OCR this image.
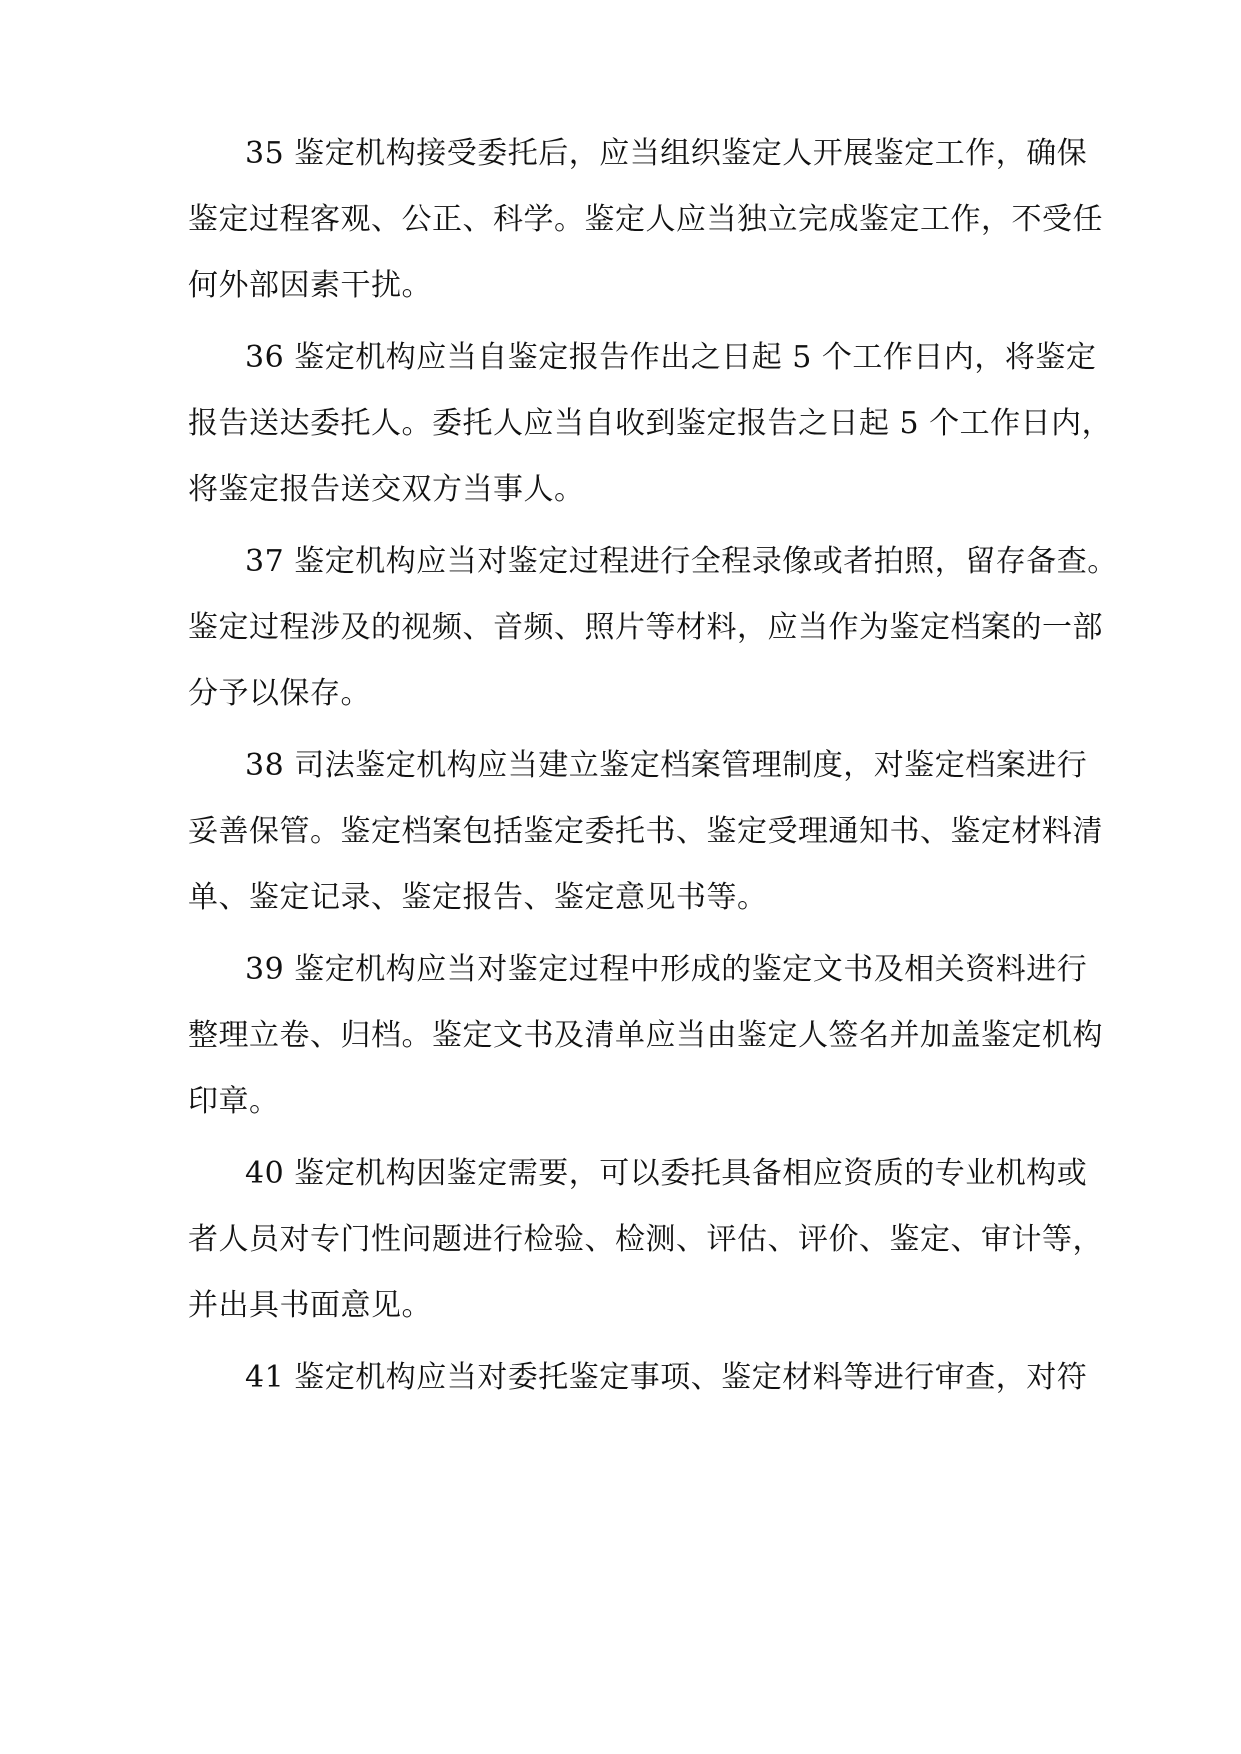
35 鉴定机构接受委托后，应当组织鉴定人开展鉴定工作，确保
鉴定过程客观、公正、科学。鉴定人应当独立完成鉴定工作，不受任
何外部因素干扰。
36 鉴定机构应当自鉴定报告作出之日起 5 个工作日内，将鉴定
报告送达委托人。委托人应当自收到鉴定报告之日起 5 个工作日内，
将鉴定报告送交双方当事人。
37 鉴定机构应当对鉴定过程进行全程录像或者拍照，留存备查。
鉴定过程涉及的视频、音频、照片等材料，应当作为鉴定档案的一部
分予以保存。
38 司法鉴定机构应当建立鉴定档案管理制度，对鉴定档案进行
妥善保管。鉴定档案包括鉴定委托书、鉴定受理通知书、鉴定材料清
单、鉴定记录、鉴定报告、鉴定意见书等。
39 鉴定机构应当对鉴定过程中形成的鉴定文书及相关资料进行
整理立卷、归档。鉴定文书及清单应当由鉴定人签名并加盖鉴定机构
印章。
40 鉴定机构因鉴定需要，可以委托具备相应资质的专业机构或
者人员对专门性问题进行检验、检测、评估、评价、鉴定、审计等，
并出具书面意见。
41 鉴定机构应当对委托鉴定事项、鉴定材料等进行审查，对符
